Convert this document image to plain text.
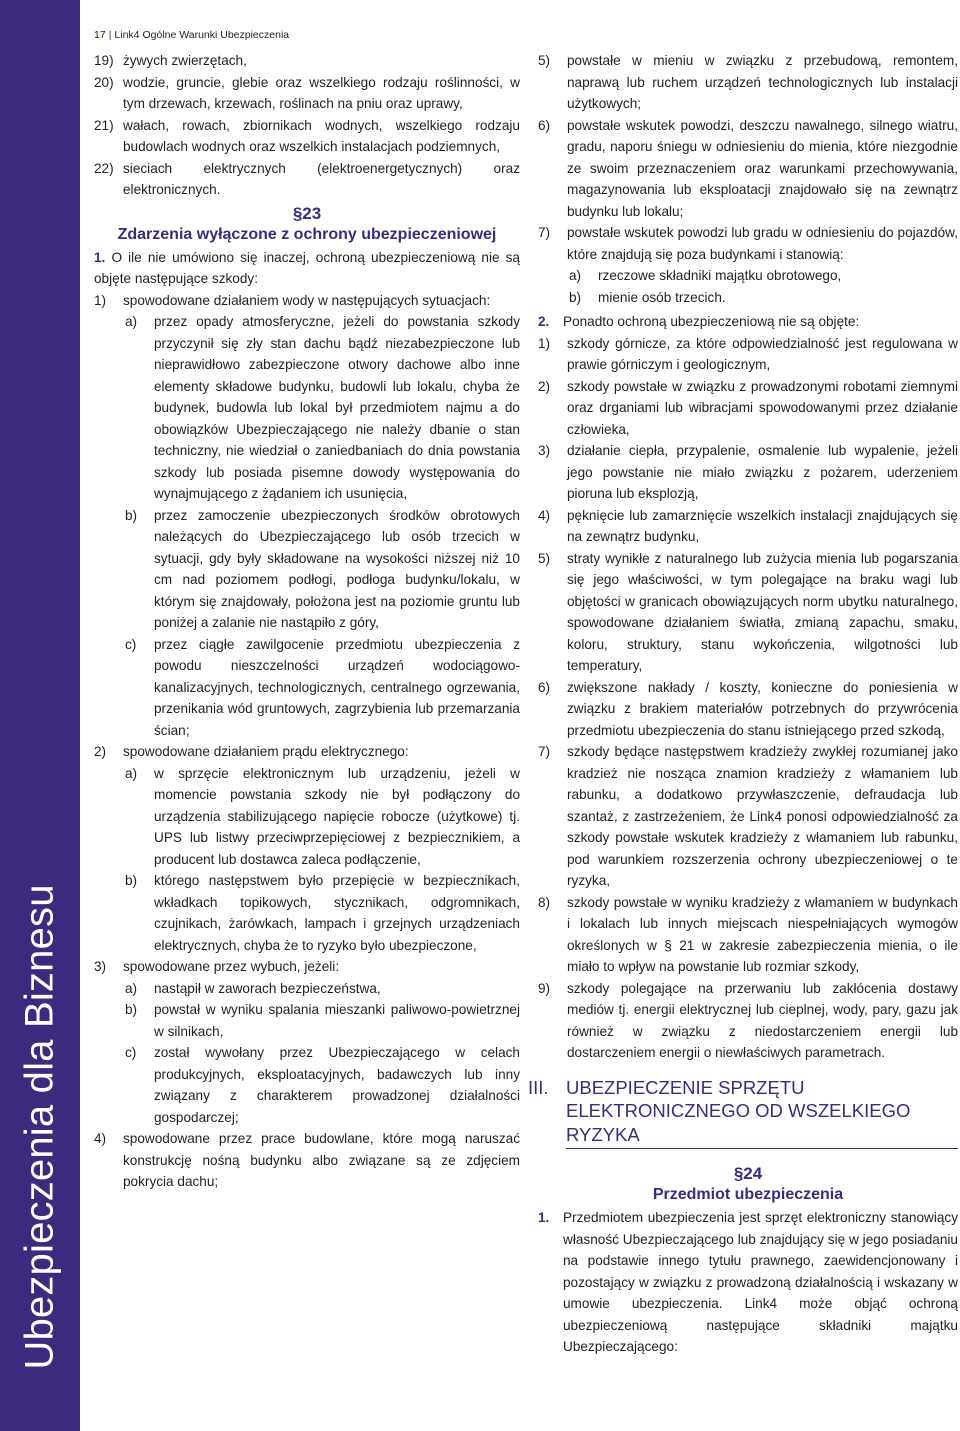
Ubezpieczenia dla Biznesu
17 | Link4 Ogólne Warunki Ubezpieczenia
19) żywych zwierzętach,
20) wodzie, gruncie, glebie oraz wszelkiego rodzaju roślinności, w tym drzewach, krzewach, roślinach na pniu oraz uprawy,
21) wałach, rowach, zbiornikach wodnych, wszelkiego rodzaju budowlach wodnych oraz wszelkich instalacjach podziemnych,
22) sieciach elektrycznych (elektroenergetycznych) oraz elektronicznych.
§23
Zdarzenia wyłączone z ochrony ubezpieczeniowej
1. O ile nie umówiono się inaczej, ochroną ubezpieczeniową nie są objęte następujące szkody:
1) spowodowane działaniem wody w następujących sytuacjach:
a) przez opady atmosferyczne, jeżeli do powstania szkody przyczynił się zły stan dachu bądź niezabezpieczone lub nieprawidłowo zabezpieczone otwory dachowe albo inne elementy składowe budynku, budowli lub lokalu, chyba że budynek, budowla lub lokal był przedmiotem najmu a do obowiązków Ubezpieczającego nie należy dbanie o stan techniczny, nie wiedział o zaniedbaniach do dnia powstania szkody lub posiada pisemne dowody występowania do wynajmującego z żądaniem ich usunięcia,
b) przez zamoczenie ubezpieczonych środków obrotowych należących do Ubezpieczającego lub osób trzecich w sytuacji, gdy były składowane na wysokości niższej niż 10 cm nad poziomem podłogi, podłoga budynku/lokalu, w którym się znajdowały, położona jest na poziomie gruntu lub poniżej a zalanie nie nastąpiło z góry,
c) przez ciągłe zawilgocenie przedmiotu ubezpieczenia z powodu nieszczelności urządzeń wodociągowo-kanalizacyjnych, technologicznych, centralnego ogrzewania, przenikania wód gruntowych, zagrzybienia lub przemarzania ścian;
2) spowodowane działaniem prądu elektrycznego:
a) w sprzęcie elektronicznym lub urządzeniu, jeżeli w momencie powstania szkody nie był podłączony do urządzenia stabilizującego napięcie robocze (użytkowe) tj. UPS lub listwy przeciwprzepięciowej z bezpiecznikiem, a producent lub dostawca zaleca podłączenie,
b) którego następstwem było przepięcie w bezpiecznikach, wkładkach topikowych, stycznikach, odgromnikach, czujnikach, żarówkach, lampach i grzejnych urządzeniach elektrycznych, chyba że to ryzyko było ubezpieczone,
3) spowodowane przez wybuch, jeżeli:
a) nastąpił w zaworach bezpieczeństwa,
b) powstał w wyniku spalania mieszanki paliwowo-powietrznej w silnikach,
c) został wywołany przez Ubezpieczającego w celach produkcyjnych, eksploatacyjnych, badawczych lub inny związany z charakterem prowadzonej działalności gospodarczej;
4) spowodowane przez prace budowlane, które mogą naruszać konstrukcję nośną budynku albo związane są ze zdjęciem pokrycia dachu;
5) powstałe w mieniu w związku z przebudową, remontem, naprawą lub ruchem urządzeń technologicznych lub instalacji użytkowych;
6) powstałe wskutek powodzi, deszczu nawalnego, silnego wiatru, gradu, naporu śniegu w odniesieniu do mienia, które niezgodnie ze swoim przeznaczeniem oraz warunkami przechowywania, magazynowania lub eksploatacji znajdowało się na zewnątrz budynku lub lokalu;
7) powstałe wskutek powodzi lub gradu w odniesieniu do pojazdów, które znajdują się poza budynkami i stanowią:
a) rzeczowe składniki majątku obrotowego,
b) mienie osób trzecich.
2. Ponadto ochroną ubezpieczeniową nie są objęte:
1) szkody górnicze, za które odpowiedzialność jest regulowana w prawie górniczym i geologicznym,
2) szkody powstałe w związku z prowadzonymi robotami ziemnymi oraz drganiami lub wibracjami spowodowanymi przez działanie człowieka,
3) działanie ciepła, przypalenie, osmalenie lub wypalenie, jeżeli jego powstanie nie miało związku z pożarem, uderzeniem pioruna lub eksplozją,
4) pęknięcie lub zamarznięcie wszelkich instalacji znajdujących się na zewnątrz budynku,
5) straty wynikłe z naturalnego lub zużycia mienia lub pogarszania się jego właściwości, w tym polegające na braku wagi lub objętości w granicach obowiązujących norm ubytku naturalnego, spowodowane działaniem światła, zmianą zapachu, smaku, koloru, struktury, stanu wykończenia, wilgotności lub temperatury,
6) zwiększone nakłady / koszty, konieczne do poniesienia w związku z brakiem materiałów potrzebnych do przywrócenia przedmiotu ubezpieczenia do stanu istniejącego przed szkodą,
7) szkody będące następstwem kradzieży zwykłej rozumianej jako kradzież nie nosząca znamion kradzieży z włamaniem lub rabunku, a dodatkowo przywłaszczenie, defraudacja lub szantaż, z zastrzeżeniem, że Link4 ponosi odpowiedzialność za szkody powstałe wskutek kradzieży z włamaniem lub rabunku, pod warunkiem rozszerzenia ochrony ubezpieczeniowej o te ryzyka,
8) szkody powstałe w wyniku kradzieży z włamaniem w budynkach i lokalach lub innych miejscach niespełniających wymogów określonych w § 21 w zakresie zabezpieczenia mienia, o ile miało to wpływ na powstanie lub rozmiar szkody,
9) szkody polegające na przerwaniu lub zakłócenia dostawy mediów tj. energii elektrycznej lub cieplnej, wody, pary, gazu jak również w związku z niedostarczeniem energii lub dostarczeniem energii o niewłaściwych parametrach.
III. UBEZPIECZENIE SPRZĘTU ELEKTRONICZNEGO OD WSZELKIEGO RYZYKA
§24
Przedmiot ubezpieczenia
1. Przedmiotem ubezpieczenia jest sprzęt elektroniczny stanowiący własność Ubezpieczającego lub znajdujący się w jego posiadaniu na podstawie innego tytułu prawnego, zaewidencjonowany i pozostający w związku z prowadzoną działalnością i wskazany w umowie ubezpieczenia. Link4 może objąć ochroną ubezpieczeniową następujące składniki majątku Ubezpieczającego:
